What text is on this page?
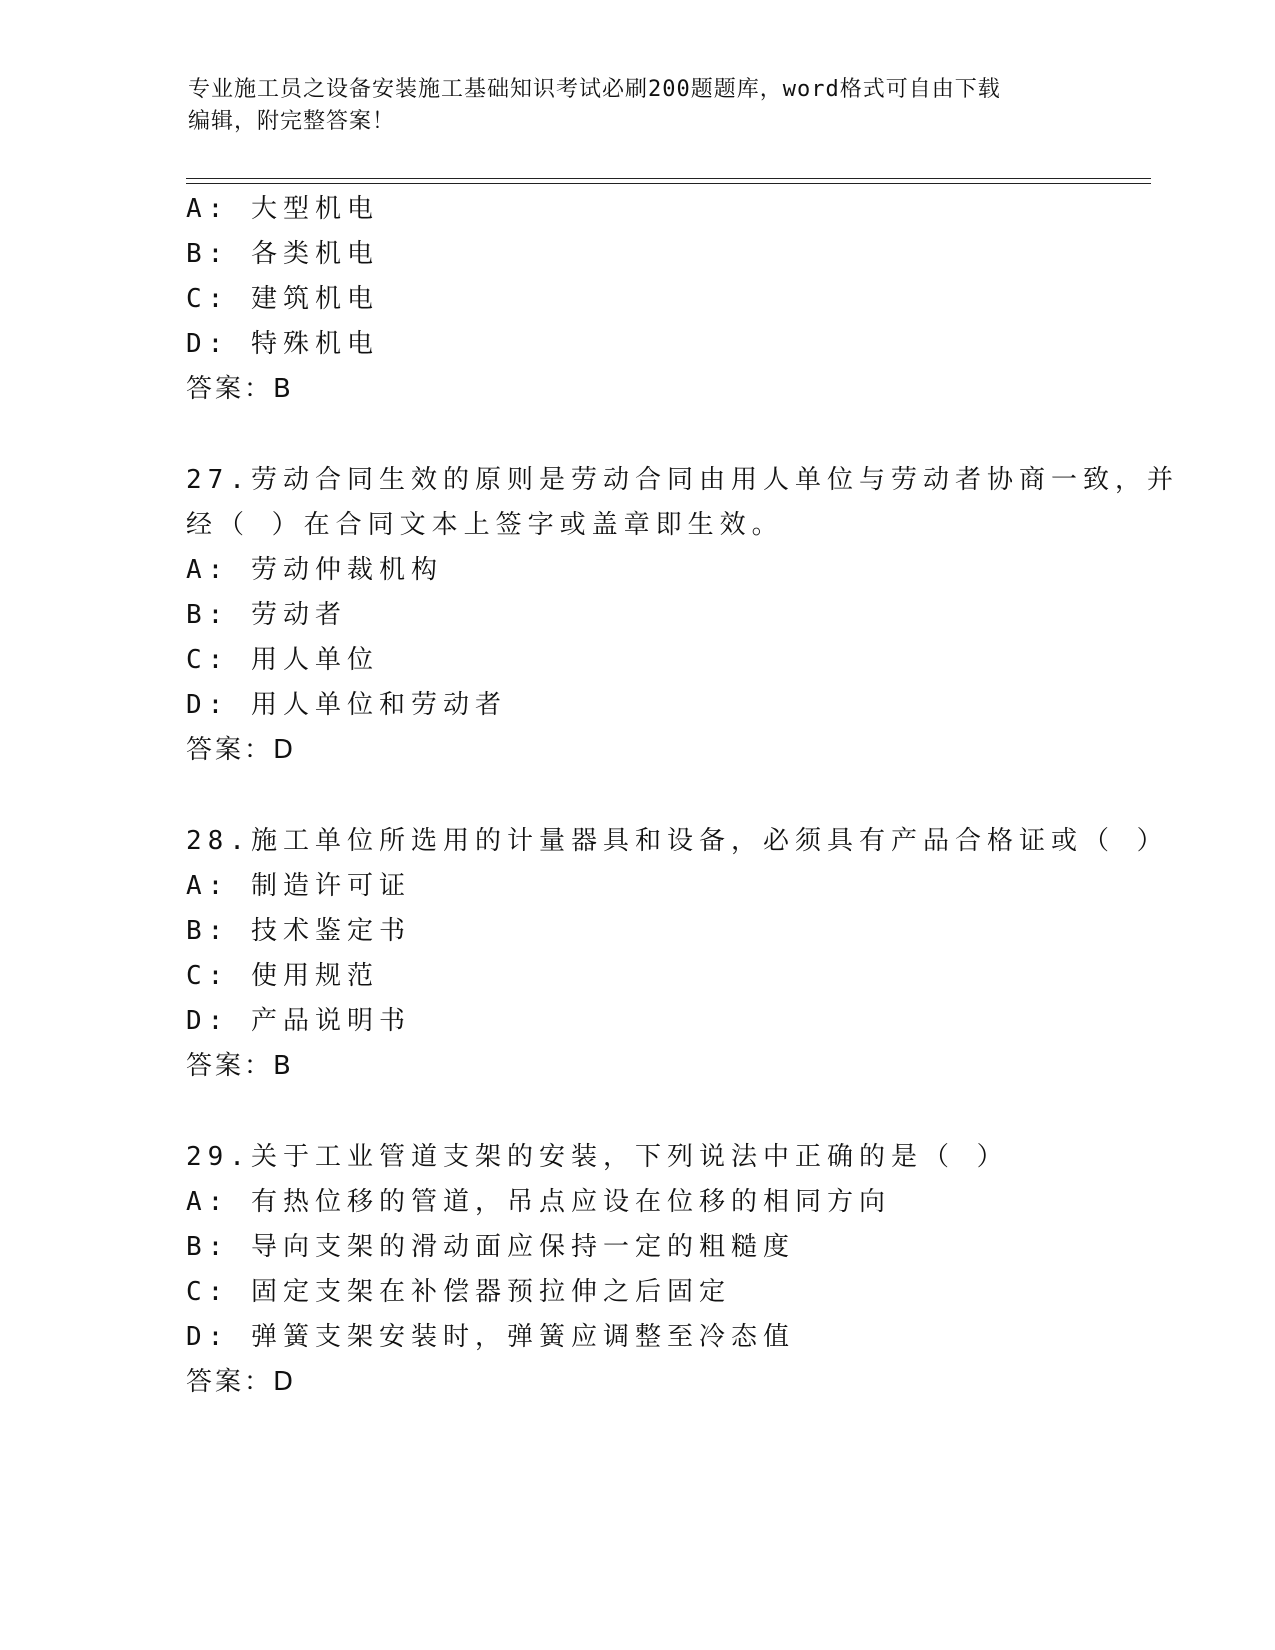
专业施工员之设备安装施工基础知识考试必刷200题题库，word格式可自由下载
编辑，附完整答案！
A: 大型机电
B: 各类机电
C: 建筑机电
D: 特殊机电
答案：B
27.劳动合同生效的原则是劳动合同由用人单位与劳动者协商一致，并
经（ ）在合同文本上签字或盖章即生效。
A: 劳动仲裁机构
B: 劳动者
C: 用人单位
D: 用人单位和劳动者
答案：D
28.施工单位所选用的计量器具和设备，必须具有产品合格证或（ ）
A: 制造许可证
B: 技术鉴定书
C: 使用规范
D: 产品说明书
答案：B
29.关于工业管道支架的安装，下列说法中正确的是（ ）
A: 有热位移的管道，吊点应设在位移的相同方向
B: 导向支架的滑动面应保持一定的粗糙度
C: 固定支架在补偿器预拉伸之后固定
D: 弹簧支架安装时，弹簧应调整至冷态值
答案：D
